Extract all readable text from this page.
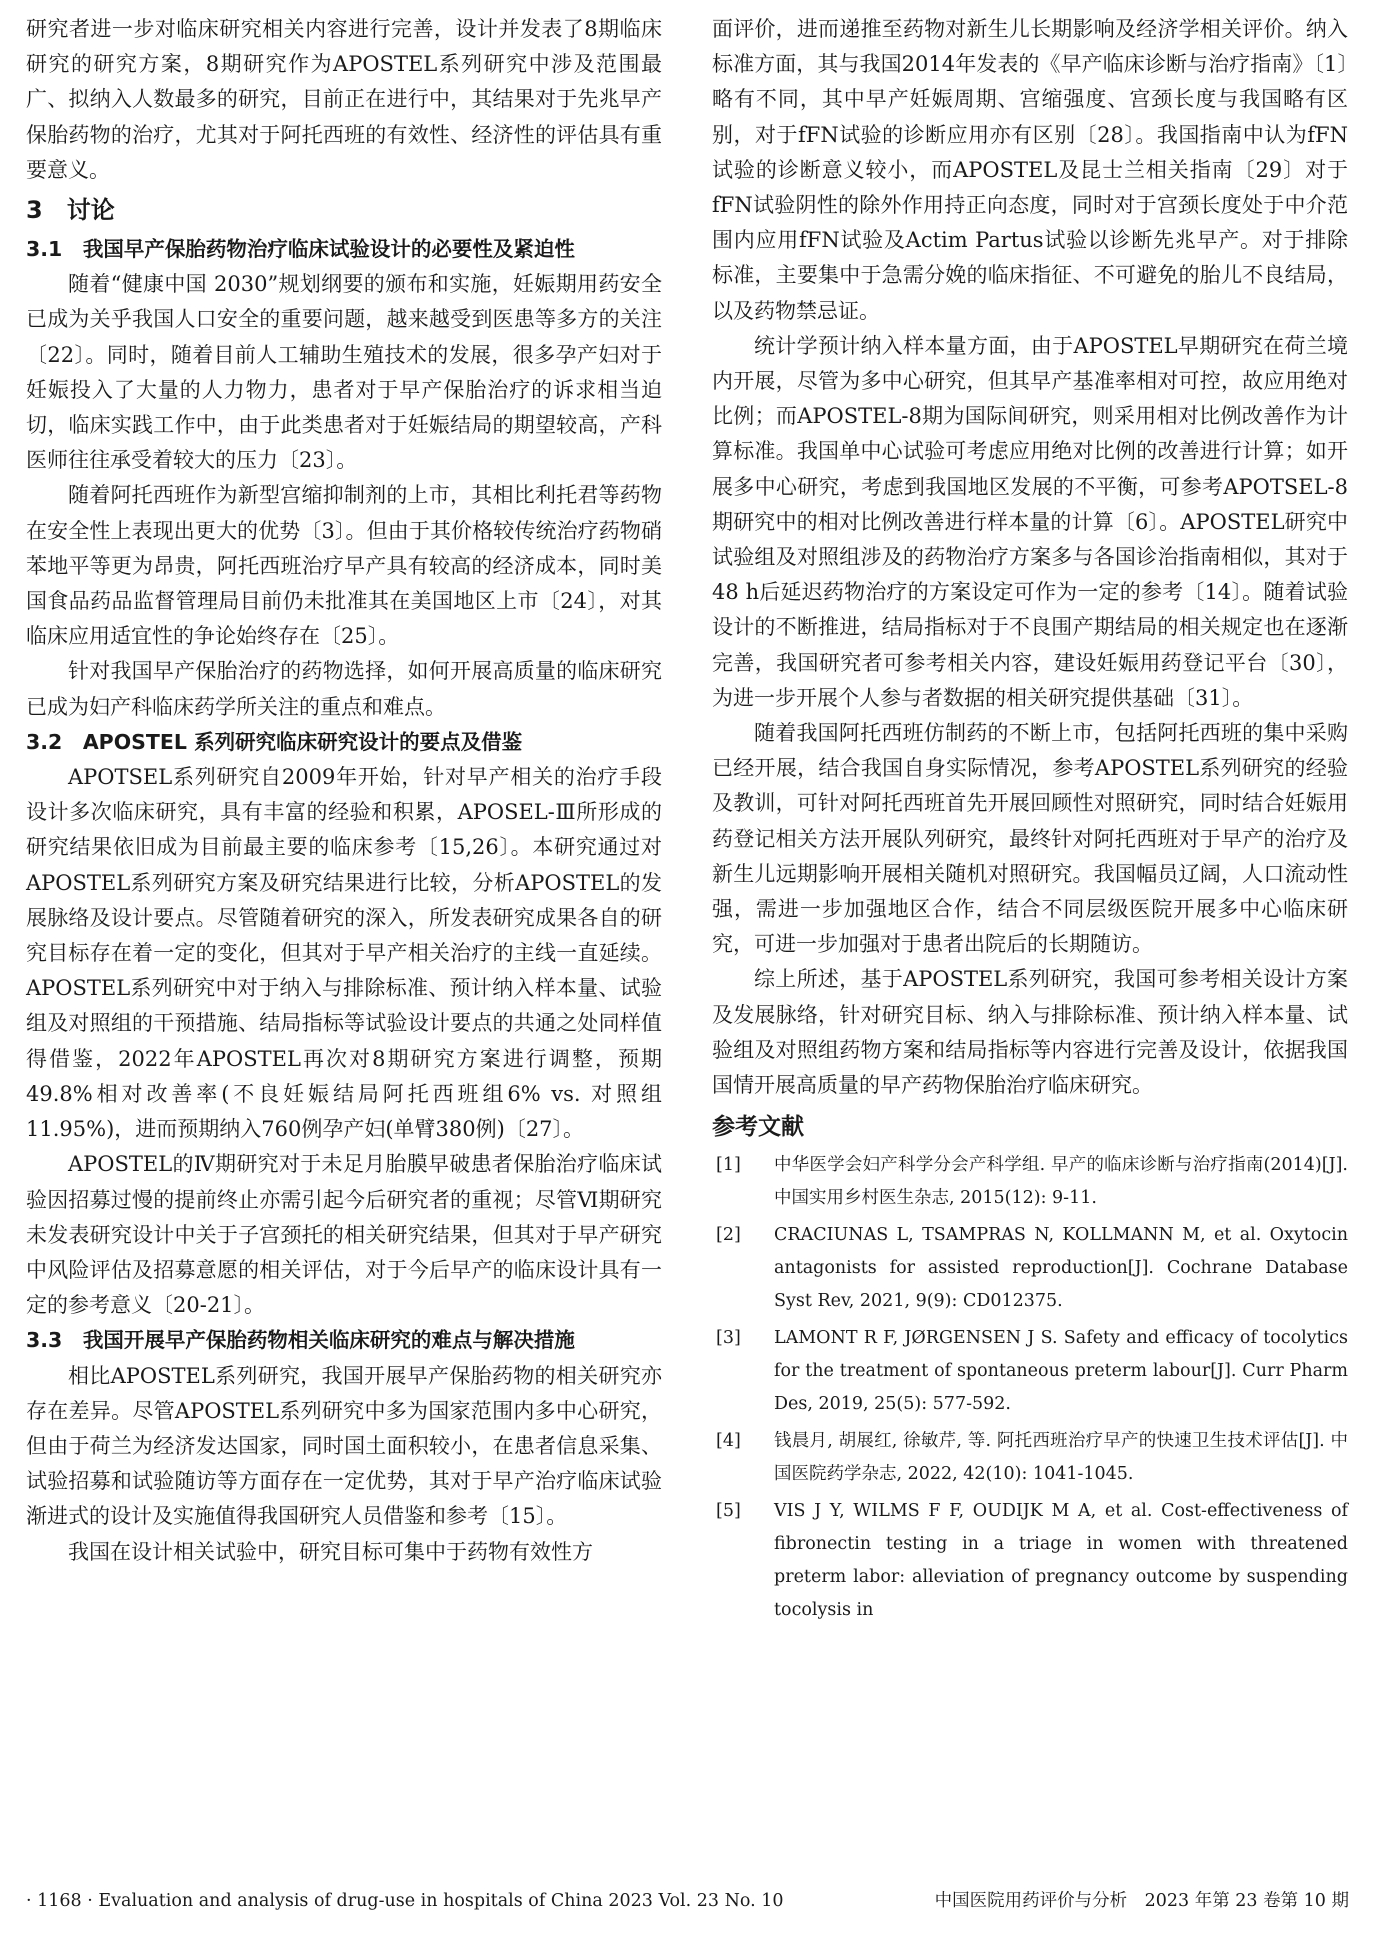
研究者进一步对临床研究相关内容进行完善，设计并发表了8期临床研究的研究方案，8期研究作为APOSTEL系列研究中涉及范围最广、拟纳入人数最多的研究，目前正在进行中，其结果对于先兆早产保胎药物的治疗，尤其对于阿托西班的有效性、经济性的评估具有重要意义。

3　讨论
3.1　我国早产保胎药物治疗临床试验设计的必要性及紧迫性

随着“健康中国 2030”规划纲要的颁布和实施，妊娠期用药安全已成为关乎我国人口安全的重要问题，越来越受到医患等多方的关注〔22〕。同时，随着目前人工辅助生殖技术的发展，很多孕产妇对于妊娠投入了大量的人力物力，患者对于早产保胎治疗的诉求相当迫切，临床实践工作中，由于此类患者对于妊娠结局的期望较高，产科医师往往承受着较大的压力〔23〕。

随着阿托西班作为新型宫缩抑制剂的上市，其相比利托君等药物在安全性上表现出更大的优势〔3〕。但由于其价格较传统治疗药物硝苯地平等更为昂贵，阿托西班治疗早产具有较高的经济成本，同时美国食品药品监督管理局目前仍未批准其在美国地区上市〔24〕，对其临床应用适宜性的争论始终存在〔25〕。

针对我国早产保胎治疗的药物选择，如何开展高质量的临床研究已成为妇产科临床药学所关注的重点和难点。

3.2　APOSTEL 系列研究临床研究设计的要点及借鉴

APOTSEL系列研究自2009年开始，针对早产相关的治疗手段设计多次临床研究，具有丰富的经验和积累，APOSEL-Ⅲ所形成的研究结果依旧成为目前最主要的临床参考〔15,26〕。本研究通过对APOSTEL系列研究方案及研究结果进行比较，分析APOSTEL的发展脉络及设计要点。尽管随着研究的深入，所发表研究成果各自的研究目标存在着一定的变化，但其对于早产相关治疗的主线一直延续。APOSTEL系列研究中对于纳入与排除标准、预计纳入样本量、试验组及对照组的干预措施、结局指标等试验设计要点的共通之处同样值得借鉴，2022年APOSTEL再次对8期研究方案进行调整，预期49.8%相对改善率(不良妊娠结局阿托西班组6% vs. 对照组11.95%)，进而预期纳入760例孕产妇(单臂380例)〔27〕。

APOSTEL的Ⅳ期研究对于未足月胎膜早破患者保胎治疗临床试验因招募过慢的提前终止亦需引起今后研究者的重视；尽管Ⅵ期研究未发表研究设计中关于子宫颈托的相关研究结果，但其对于早产研究中风险评估及招募意愿的相关评估，对于今后早产的临床设计具有一定的参考意义〔20-21〕。

3.3　我国开展早产保胎药物相关临床研究的难点与解决措施

相比APOSTEL系列研究，我国开展早产保胎药物的相关研究亦存在差异。尽管APOSTEL系列研究中多为国家范围内多中心研究，但由于荷兰为经济发达国家，同时国土面积较小，在患者信息采集、试验招募和试验随访等方面存在一定优势，其对于早产治疗临床试验渐进式的设计及实施值得我国研究人员借鉴和参考〔15〕。

我国在设计相关试验中，研究目标可集中于药物有效性方

面评价，进而递推至药物对新生儿长期影响及经济学相关评价。纳入标准方面，其与我国2014年发表的《早产临床诊断与治疗指南》〔1〕略有不同，其中早产妊娠周期、宫缩强度、宫颈长度与我国略有区别，对于fFN试验的诊断应用亦有区别〔28〕。我国指南中认为fFN试验的诊断意义较小，而APOSTEL及昆士兰相关指南〔29〕对于fFN试验阴性的除外作用持正向态度，同时对于宫颈长度处于中介范围内应用fFN试验及Actim Partus试验以诊断先兆早产。对于排除标准，主要集中于急需分娩的临床指征、不可避免的胎儿不良结局，以及药物禁忌证。

统计学预计纳入样本量方面，由于APOSTEL早期研究在荷兰境内开展，尽管为多中心研究，但其早产基准率相对可控，故应用绝对比例；而APOSTEL-8期为国际间研究，则采用相对比例改善作为计算标准。我国单中心试验可考虑应用绝对比例的改善进行计算；如开展多中心研究，考虑到我国地区发展的不平衡，可参考APOTSEL-8期研究中的相对比例改善进行样本量的计算〔6〕。APOSTEL研究中试验组及对照组涉及的药物治疗方案多与各国诊治指南相似，其对于48 h后延迟药物治疗的方案设定可作为一定的参考〔14〕。随着试验设计的不断推进，结局指标对于不良围产期结局的相关规定也在逐渐完善，我国研究者可参考相关内容，建设妊娠用药登记平台〔30〕，为进一步开展个人参与者数据的相关研究提供基础〔31〕。

随着我国阿托西班仿制药的不断上市，包括阿托西班的集中采购已经开展，结合我国自身实际情况，参考APOSTEL系列研究的经验及教训，可针对阿托西班首先开展回顾性对照研究，同时结合妊娠用药登记相关方法开展队列研究，最终针对阿托西班对于早产的治疗及新生儿远期影响开展相关随机对照研究。我国幅员辽阔，人口流动性强，需进一步加强地区合作，结合不同层级医院开展多中心临床研究，可进一步加强对于患者出院后的长期随访。

综上所述，基于APOSTEL系列研究，我国可参考相关设计方案及发展脉络，针对研究目标、纳入与排除标准、预计纳入样本量、试验组及对照组药物方案和结局指标等内容进行完善及设计，依据我国国情开展高质量的早产药物保胎治疗临床研究。

参考文献
[1]	中华医学会妇产科学分会产科学组. 早产的临床诊断与治疗指南(2014)[J]. 中国实用乡村医生杂志, 2015(12): 9-11.
[2]	CRACIUNAS L, TSAMPRAS N, KOLLMANN M, et al. Oxytocin antagonists for assisted reproduction[J]. Cochrane Database Syst Rev, 2021, 9(9): CD012375.
[3]	LAMONT R F, JØRGENSEN J S. Safety and efficacy of tocolytics for the treatment of spontaneous preterm labour[J]. Curr Pharm Des, 2019, 25(5): 577-592.
[4]	钱晨月, 胡展红, 徐敏芹, 等. 阿托西班治疗早产的快速卫生技术评估[J]. 中国医院药学杂志, 2022, 42(10): 1041-1045.
[5]	VIS J Y, WILMS F F, OUDIJK M A, et al. Cost-effectiveness of fibronectin testing in a triage in women with threatened preterm labor: alleviation of pregnancy outcome by suspending tocolysis in
· 1168 · Evaluation and analysis of drug-use in hospitals of China 2023 Vol. 23 No. 10	中国医院用药评价与分析　2023 年第 23 卷第 10 期
